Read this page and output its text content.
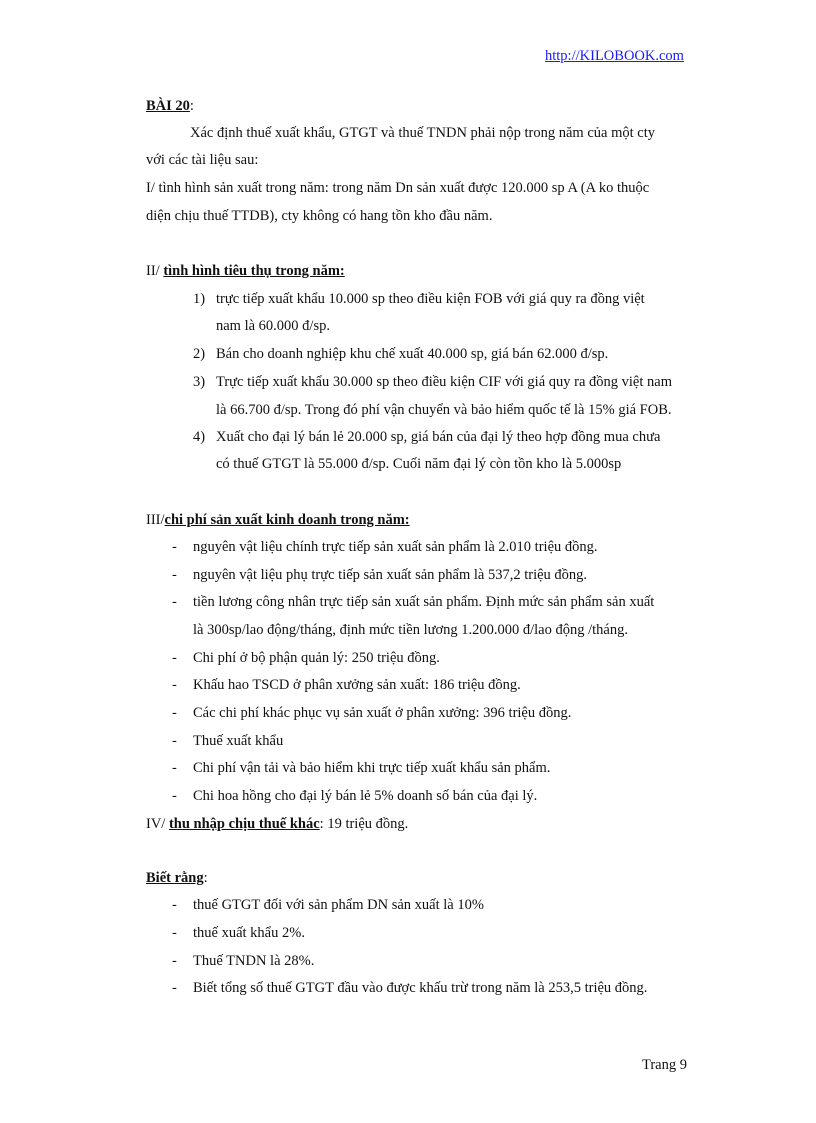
http://KILOBOOK.com
BÀI 20:
Xác định thuế xuất khẩu, GTGT và thuế TNDN phải nộp trong năm của một cty
với các tài liệu sau:
I/ tình hình sản xuất trong năm: trong năm Dn sản xuất được 120.000 sp A (A ko thuộc
diện chịu thuế TTDB), cty không có hang tồn kho đầu năm.
II/ tình hình tiêu thụ trong năm:
1) trực tiếp xuất khẩu 10.000 sp theo điều kiện FOB với giá quy ra đồng việt
nam là 60.000 đ/sp.
2) Bán cho doanh nghiệp khu chế xuất 40.000 sp, giá bán 62.000 đ/sp.
3) Trực tiếp xuất khẩu 30.000 sp theo điều kiện CIF với giá quy ra đồng việt nam
là 66.700 đ/sp. Trong đó phí vận chuyển và bảo hiểm quốc tế là 15% giá FOB.
4) Xuất cho đại lý bán lẻ 20.000 sp, giá bán của đại lý theo hợp đồng mua chưa
có thuế GTGT là 55.000 đ/sp. Cuối năm đại lý còn tồn kho là 5.000sp
III/chi phí sản xuất kinh doanh trong năm:
- nguyên vật liệu chính trực tiếp sản xuất sản phẩm là 2.010 triệu đồng.
- nguyên vật liệu phụ trực tiếp sản xuất sản phẩm là 537,2 triệu đồng.
- tiền lương công nhân trực tiếp sản xuất sản phẩm. Định mức sản phẩm sản xuất
là 300sp/lao động/tháng, định mức tiền lương 1.200.000 đ/lao động /tháng.
- Chi phí ở bộ phận quản lý: 250 triệu đồng.
- Khấu hao TSCD ở phân xưởng sản xuất: 186 triệu đồng.
- Các chi phí khác phục vụ sản xuất ở phân xưởng: 396 triệu đồng.
- Thuế xuất khẩu
- Chi phí vận tải và bảo hiểm khi trực tiếp xuất khẩu sản phẩm.
- Chi hoa hồng cho đại lý bán lẻ 5% doanh số bán của đại lý.
IV/ thu nhập chịu thuế khác: 19 triệu đồng.
Biết rằng:
- thuế GTGT đối với sản phẩm DN sản xuất là 10%
- thuế xuất khẩu 2%.
- Thuế TNDN là 28%.
- Biết tổng số thuế GTGT đầu vào được khấu trừ trong năm là 253,5 triệu đồng.
Trang 9
